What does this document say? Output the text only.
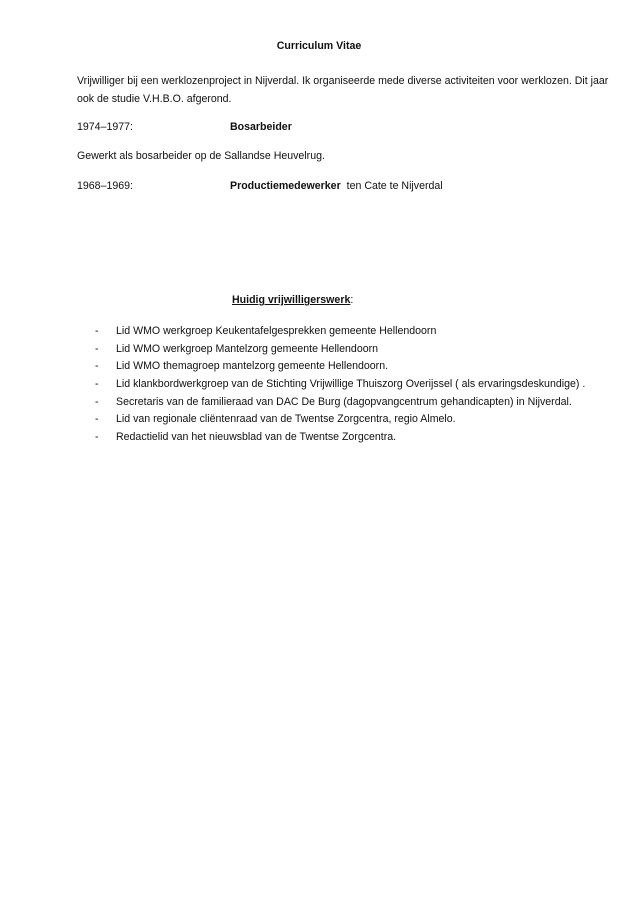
Curriculum Vitae
Vrijwilliger bij een werklozenproject in Nijverdal. Ik organiseerde mede diverse activiteiten voor werklozen. Dit jaar ook de studie V.H.B.O. afgerond.
1974–1977:	Bosarbeider
Gewerkt als bosarbeider op de Sallandse Heuvelrug.
1968–1969:	Productiemedewerker ten Cate te Nijverdal
Huidig vrijwilligerswerk:
- Lid WMO werkgroep Keukentafelgesprekken gemeente Hellendoorn
- Lid WMO werkgroep Mantelzorg gemeente Hellendoorn
- Lid WMO themagroep mantelzorg gemeente Hellendoorn.
- Lid klankbordwerkgroep van de Stichting Vrijwillige Thuiszorg Overijssel ( als ervaringsdeskundige) .
- Secretaris van de familieraad van DAC De Burg (dagopvangcentrum gehandicapten) in Nijverdal.
- Lid van regionale cliëntenraad van de Twentse Zorgcentra, regio Almelo.
- Redactielid van het nieuwsblad van de Twentse Zorgcentra.
